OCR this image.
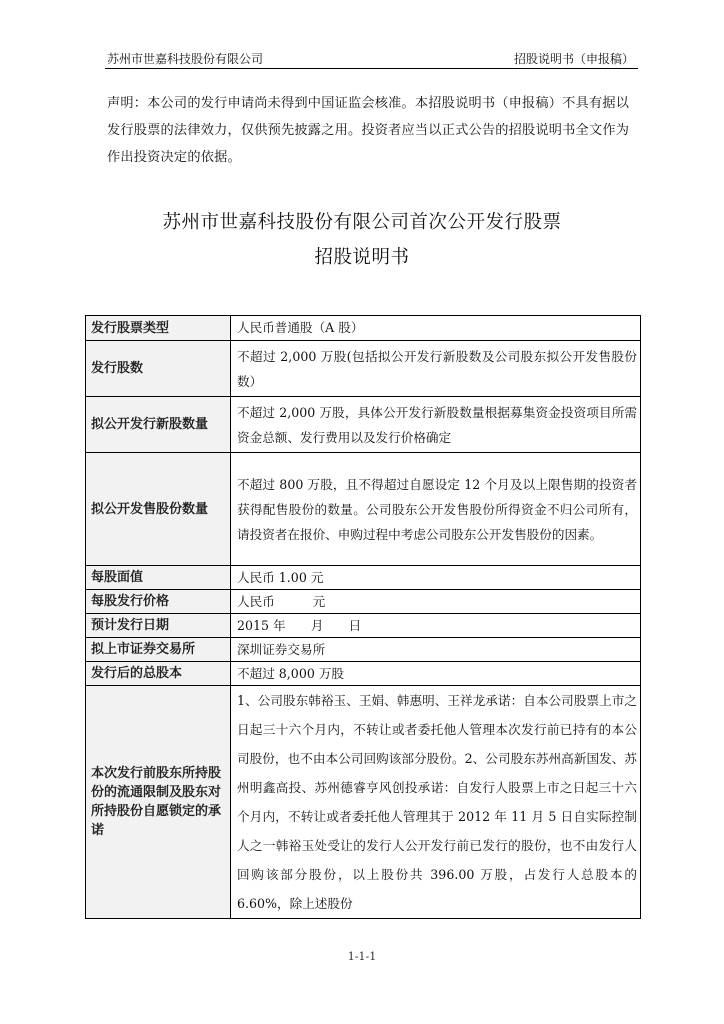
苏州市世嘉科技股份有限公司	招股说明书（申报稿）
声明：本公司的发行申请尚未得到中国证监会核准。本招股说明书（申报稿）不具有据以发行股票的法律效力，仅供预先披露之用。投资者应当以正式公告的招股说明书全文作为作出投资决定的依据。
苏州市世嘉科技股份有限公司首次公开发行股票
招股说明书
发行股票类型	人民币普通股（A 股）
发行股数	不超过 2,000 万股(包括拟公开发行新股数及公司股东拟公开发售股份数）
拟公开发行新股数量	不超过 2,000 万股，具体公开发行新股数量根据募集资金投资项目所需资金总额、发行费用以及发行价格确定
拟公开发售股份数量	不超过 800 万股，且不得超过自愿设定 12 个月及以上限售期的投资者获得配售股份的数量。公司股东公开发售股份所得资金不归公司所有，请投资者在报价、申购过程中考虑公司股东公开发售股份的因素。
每股面值	人民币 1.00 元
每股发行价格	人民币　　　元
预计发行日期	2015 年　　月　　日
拟上市证券交易所	深圳证券交易所
发行后的总股本	不超过 8,000 万股
本次发行前股东所持股份的流通限制及股东对所持股份自愿锁定的承诺	1、公司股东韩裕玉、王娟、韩惠明、王祥龙承诺：自本公司股票上市之日起三十六个月内，不转让或者委托他人管理本次发行前已持有的本公司股份，也不由本公司回购该部分股份。2、公司股东苏州高新国发、苏州明鑫高投、苏州德睿亨风创投承诺：自发行人股票上市之日起三十六个月内，不转让或者委托他人管理其于 2012 年 11 月 5 日自实际控制人之一韩裕玉处受让的发行人公开发行前已发行的股份，也不由发行人回购该部分股份，以上股份共 396.00 万股，占发行人总股本的 6.60%，除上述股份
1-1-1
